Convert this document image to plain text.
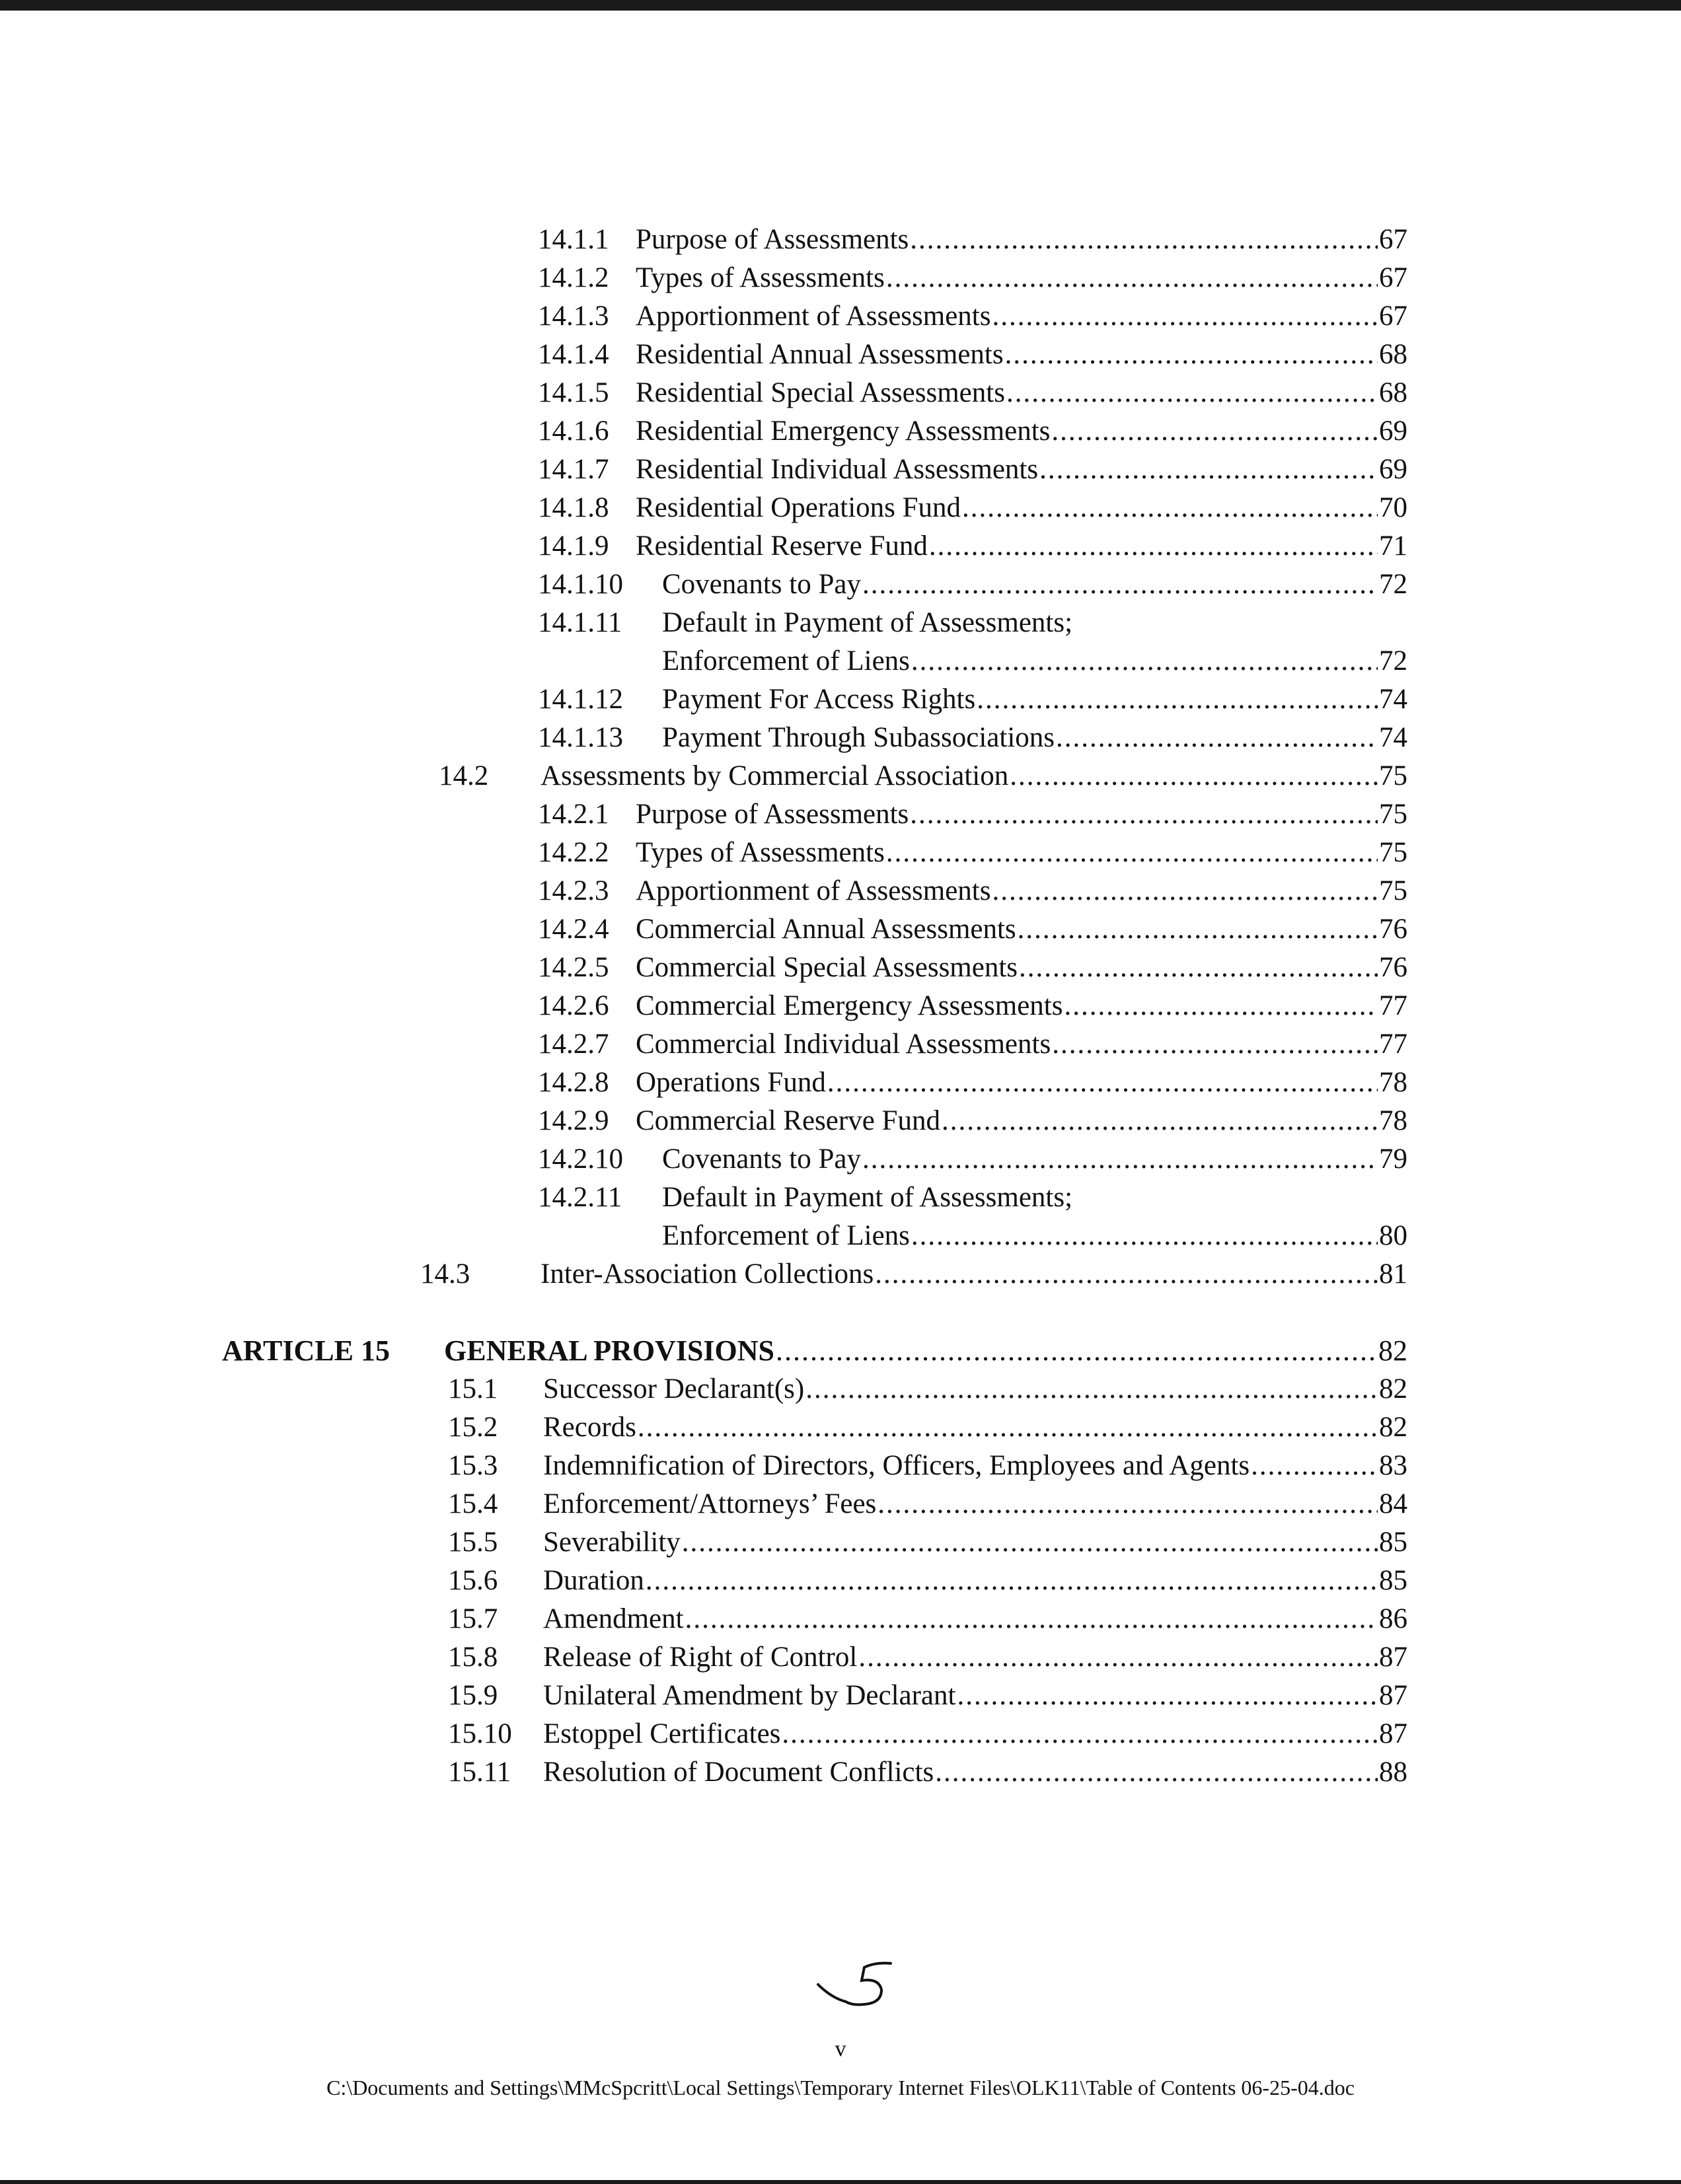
14.1.1 Purpose of Assessments .....	67
14.1.2 Types of Assessments .....	67
14.1.3 Apportionment of Assessments .....	67
14.1.4 Residential Annual Assessments .....	68
14.1.5 Residential Special Assessments .....	68
14.1.6 Residential Emergency Assessments .....	69
14.1.7 Residential Individual Assessments .....	69
14.1.8 Residential Operations Fund .....	70
14.1.9 Residential Reserve Fund .....	71
14.1.10 Covenants to Pay .....	72
14.1.11 Default in Payment of Assessments;
Enforcement of Liens .....	72
14.1.12 Payment For Access Rights .....	74
14.1.13 Payment Through Subassociations .....	74
14.2 Assessments by Commercial Association .....	75
14.2.1 Purpose of Assessments .....	75
14.2.2 Types of Assessments .....	75
14.2.3 Apportionment of Assessments .....	75
14.2.4 Commercial Annual Assessments .....	76
14.2.5 Commercial Special Assessments .....	76
14.2.6 Commercial Emergency Assessments .....	77
14.2.7 Commercial Individual Assessments .....	77
14.2.8 Operations Fund .....	78
14.2.9 Commercial Reserve Fund .....	78
14.2.10 Covenants to Pay .....	79
14.2.11 Default in Payment of Assessments;
Enforcement of Liens .....	80
14.3 Inter-Association Collections .....	81
ARTICLE 15 GENERAL PROVISIONS .....	82
15.1 Successor Declarant(s) .....	82
15.2 Records .....	82
15.3 Indemnification of Directors, Officers, Employees and Agents .....	83
15.4 Enforcement/Attorneys’ Fees .....	84
15.5 Severability .....	85
15.6 Duration .....	85
15.7 Amendment .....	86
15.8 Release of Right of Control .....	87
15.9 Unilateral Amendment by Declarant .....	87
15.10 Estoppel Certificates .....	87
15.11 Resolution of Document Conflicts .....	88
v
C:\Documents and Settings\MMcSpcritt\Local Settings\Temporary Internet Files\OLK11\Table of Contents 06-25-04.doc
